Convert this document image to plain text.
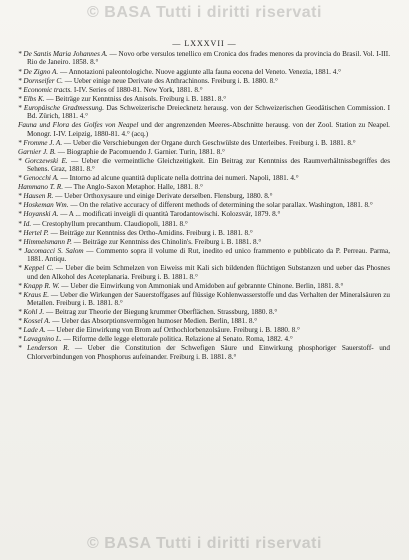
© BASA Tutti i diritti riservati
— LXXXVII —

* De Santis Maria Johannes A. — Novo orbe versulos tenellico em Cronica dos frades menores da provincia do Brasil. Vol. I-III. Rio de Janeiro. 1858. 8.°

* De Zigno A. — Annotazioni paleontologiche. Nuove aggiunte alla fauna eocena del Veneto. Venezia, 1881. 4.°

* Dornseifer C. — Ueber einige neue Derivate des Anthrachinons. Freiburg i. B. 1880. 8.°

* Economic tracts. I-IV. Series of 1880-81. New York, 1881. 8.°

* Elbs K. — Beiträge zur Kenntniss des Anisols. Freiburg i. B. 1881. 8.°

* Europäische Gradmessung. Das Schweizerische Dreiecknetz herausg. von der Schweizerischen Geodätischen Commission. I Bd. Zürich, 1881. 4.°

Fauna und Flora des Golfes von Neapel und der angrenzenden Meeres-Abschnitte herausg. von der Zool. Station zu Neapel. Monogr. I-IV. Leipzig, 1880-81. 4.° (acq.)

* Fromme J. A. — Ueber die Verschiebungen der Organe durch Geschwülste des Unterleibes. Freiburg i. B. 1881. 8.°

Garnier J. B. — Biographie de Pacomuendo J. Garnier. Turin, 1881. 8.°

* Gorczewski E. — Ueber die vermeintliche Gleichzeitigkeit. Ein Beitrag zur Kenntniss des Raumverhältnissbegriffes des Sehens. Graz, 1881. 8.°

* Genocchi A. — Intorno ad alcune quantità duplicate nella dottrina dei numeri. Napoli, 1881. 4.°

Hammano T. R. — The Anglo-Saxon Metaphor. Halle, 1881. 8.°

* Hausen R. — Ueber Orthoxysaure und einige Derivate derselben. Flensburg, 1880. 8.°

* Hoskeman Wm. — On the relative accuracy of different methods of determining the solar parallax. Washington, 1881. 8.°

* Hoyanski A. — A ... modificati inveigli di quantità Tarodantowischi. Kolozsvár, 1879. 8.°

* Id. — Crestophyllum precanthum. Claudiopoli, 1881. 8.°

* Hertel P. — Beiträge zur Kenntniss des Ortho-Amidins. Freiburg i. B. 1881. 8.°

* Himmelsmann P. — Beiträge zur Kenntniss des Chinolin's. Freiburg i. B. 1881. 8.°

* Jacomacci S. Salom — Commento sopra il volume di Rut, inedito ed unico frammento e pubblicato da P. Perreau. Parma, 1881. Antiqu.

* Keppel C. — Ueber die beim Schmelzen von Eiweiss mit Kali sich bildenden flüchtigen Substanzen und ueber das Phosnes und den Alkohol des Aceteplanaria. Freiburg i. B. 1881. 8.°

* Knapp R. W. — Ueber die Einwirkung von Ammoniak und Amidoben auf gebrannte Chinone. Berlin, 1881. 8.°

* Kraus E. — Ueber die Wirkungen der Sauerstoffgases auf flüssige Kohlenwasserstoffe und das Verhalten der Mineralsäuren zu Metallen. Freiburg i. B. 1881. 8.°

* Kohl J. — Beitrag zur Theorie der Biegung krummer Oberflächen. Strassburg, 1880. 8.°

* Kossel A. — Ueber das Absorptionsvermögen humoser Medien. Berlin, 1881. 8.°

* Lade A. — Ueber die Einwirkung von Brom auf Orthochlorbenzolsäure. Freiburg i. B. 1880. 8.°

* Lavagnino L. — Riforme delle legge elettorale politica. Relazione al Senato. Roma, 1882. 4.°

* Lenderson R. — Ueber die Constitution der Schwefigen Säure und Einwirkung phosphoriger Sauerstoff- und Chlorverbindungen von Phosphorus aufeinander. Freiburg i. B. 1881. 8.°

© BASA Tutti i diritti riservati
